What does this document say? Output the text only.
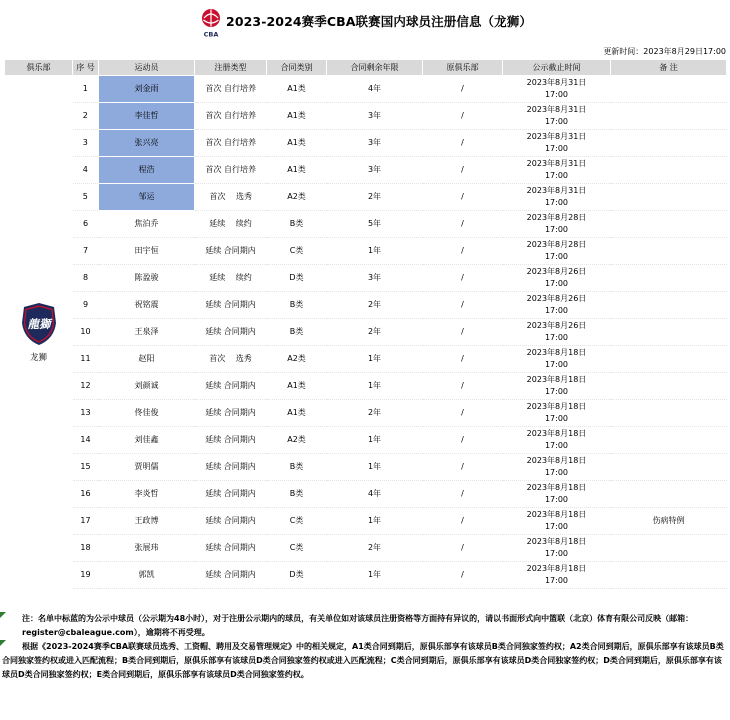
CBA
2023-2024赛季CBA联赛国内球员注册信息（龙狮）
更新时间：2023年8月29日17:00
俱乐部	序 号	运动员	注册类型	合同类别	合同剩余年限	原俱乐部	公示截止时间	备 注

龍獅
龙狮	1	刘金雨	首次 自行培养	A1类	4年	/	2023年8月31日
17:00	
	2	李佳哲	首次 自行培养	A1类	3年	/	2023年8月31日
17:00	
	3	张兴亮	首次 自行培养	A1类	3年	/	2023年8月31日
17:00	
	4	程浩	首次 自行培养	A1类	3年	/	2023年8月31日
17:00	
	5	邹运	首次　 选秀	A2类	2年	/	2023年8月31日
17:00	
	6	焦泊乔	延续　 续约	B类	5年	/	2023年8月28日
17:00	
	7	田宇恒	延续 合同期内	C类	1年	/	2023年8月28日
17:00	
	8	陈盈骏	延续　 续约	D类	3年	/	2023年8月26日
17:00	
	9	祝铭震	延续 合同期内	B类	2年	/	2023年8月26日
17:00	
	10	王泉泽	延续 合同期内	B类	2年	/	2023年8月26日
17:00	
	11	赵阳	首次　 选秀	A2类	1年	/	2023年8月18日
17:00	
	12	刘颜诚	延续 合同期内	A1类	1年	/	2023年8月18日
17:00	
	13	佟佳俊	延续 合同期内	A1类	2年	/	2023年8月18日
17:00	
	14	刘佳鑫	延续 合同期内	A2类	1年	/	2023年8月18日
17:00	
	15	贾明儒	延续 合同期内	B类	1年	/	2023年8月18日
17:00	
	16	李炎哲	延续 合同期内	B类	4年	/	2023年8月18日
17:00	
	17	王政博	延续 合同期内	C类	1年	/	2023年8月18日
17:00	伤病特例
	18	张展玮	延续 合同期内	C类	2年	/	2023年8月18日
17:00	
	19	郭凯	延续 合同期内	D类	1年	/	2023年8月18日
17:00	
注：名单中标蓝的为公示中球员（公示期为48小时），对于注册公示期内的球员，有关单位如对该球员注册资格等方面持有异议的，请以书面形式向中篮联（北京）体育有限公司反映（邮箱：register@cbaleague.com），逾期将不再受理。
根据《2023-2024赛季CBA联赛球员选秀、工资帽、聘用及交易管理规定》中的相关规定，A1类合同到期后，原俱乐部享有该球员B类合同独家签约权；A2类合同到期后，原俱乐部享有该球员B类合同独家签约权或进入匹配流程；B类合同到期后，原俱乐部享有该球员D类合同独家签约权或进入匹配流程；C类合同到期后，原俱乐部享有该球员D类合同独家签约权；D类合同到期后，原俱乐部享有该球员D类合同独家签约权；E类合同到期后，原俱乐部享有该球员D类合同独家签约权。
